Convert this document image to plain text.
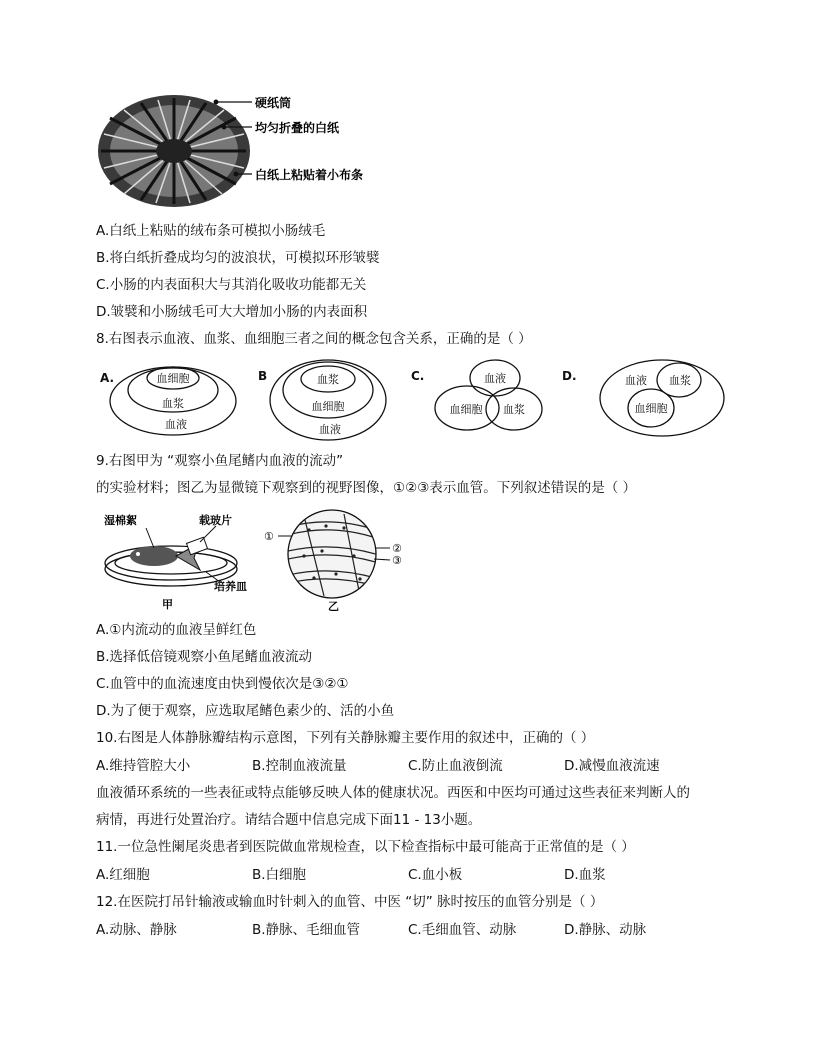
硬纸筒
均匀折叠的白纸
白纸上粘贴着小布条
A.白纸上粘贴的绒布条可模拟小肠绒毛
B.将白纸折叠成均匀的波浪状，可模拟环形皱襞
C.小肠的内表面积大与其消化吸收功能都无关
D.皱襞和小肠绒毛可大大增加小肠的内表面积
8.右图表示血液、血浆、血细胞三者之间的概念包含关系，正确的是（ ）
A.	血细胞
血浆
血液
B	血浆
血细胞
血液
C.	血液
血细胞 血浆
D.	血液 血浆
血细胞
9.右图甲为 “观察小鱼尾鳍内血液的流动”
的实验材料；图乙为显微镜下观察到的视野图像，①②③表示血管。下列叙述错误的是（ ）
湿棉絮	载玻片
培养皿
甲
①
②
③
乙
A.①内流动的血液呈鲜红色
B.选择低倍镜观察小鱼尾鳍血液流动
C.血管中的血流速度由快到慢依次是③②①
D.为了便于观察，应选取尾鳍色素少的、活的小鱼
10.右图是人体静脉瓣结构示意图，下列有关静脉瓣主要作用的叙述中，正确的（ ）
A.维持管腔大小	B.控制血液流量	C.防止血液倒流	D.减慢血液流速
血液循环系统的一些表征或特点能够反映人体的健康状况。西医和中医均可通过这些表征来判断人的
病情，再进行处置治疗。请结合题中信息完成下面11 - 13小题。
11.一位急性阑尾炎患者到医院做血常规检查，以下检查指标中最可能高于正常值的是（ ）
A.红细胞	B.白细胞	C.血小板	D.血浆
12.在医院打吊针输液或输血时针刺入的血管、中医 “切” 脉时按压的血管分别是（ ）
A.动脉、静脉	B.静脉、毛细血管	C.毛细血管、动脉	D.静脉、动脉
